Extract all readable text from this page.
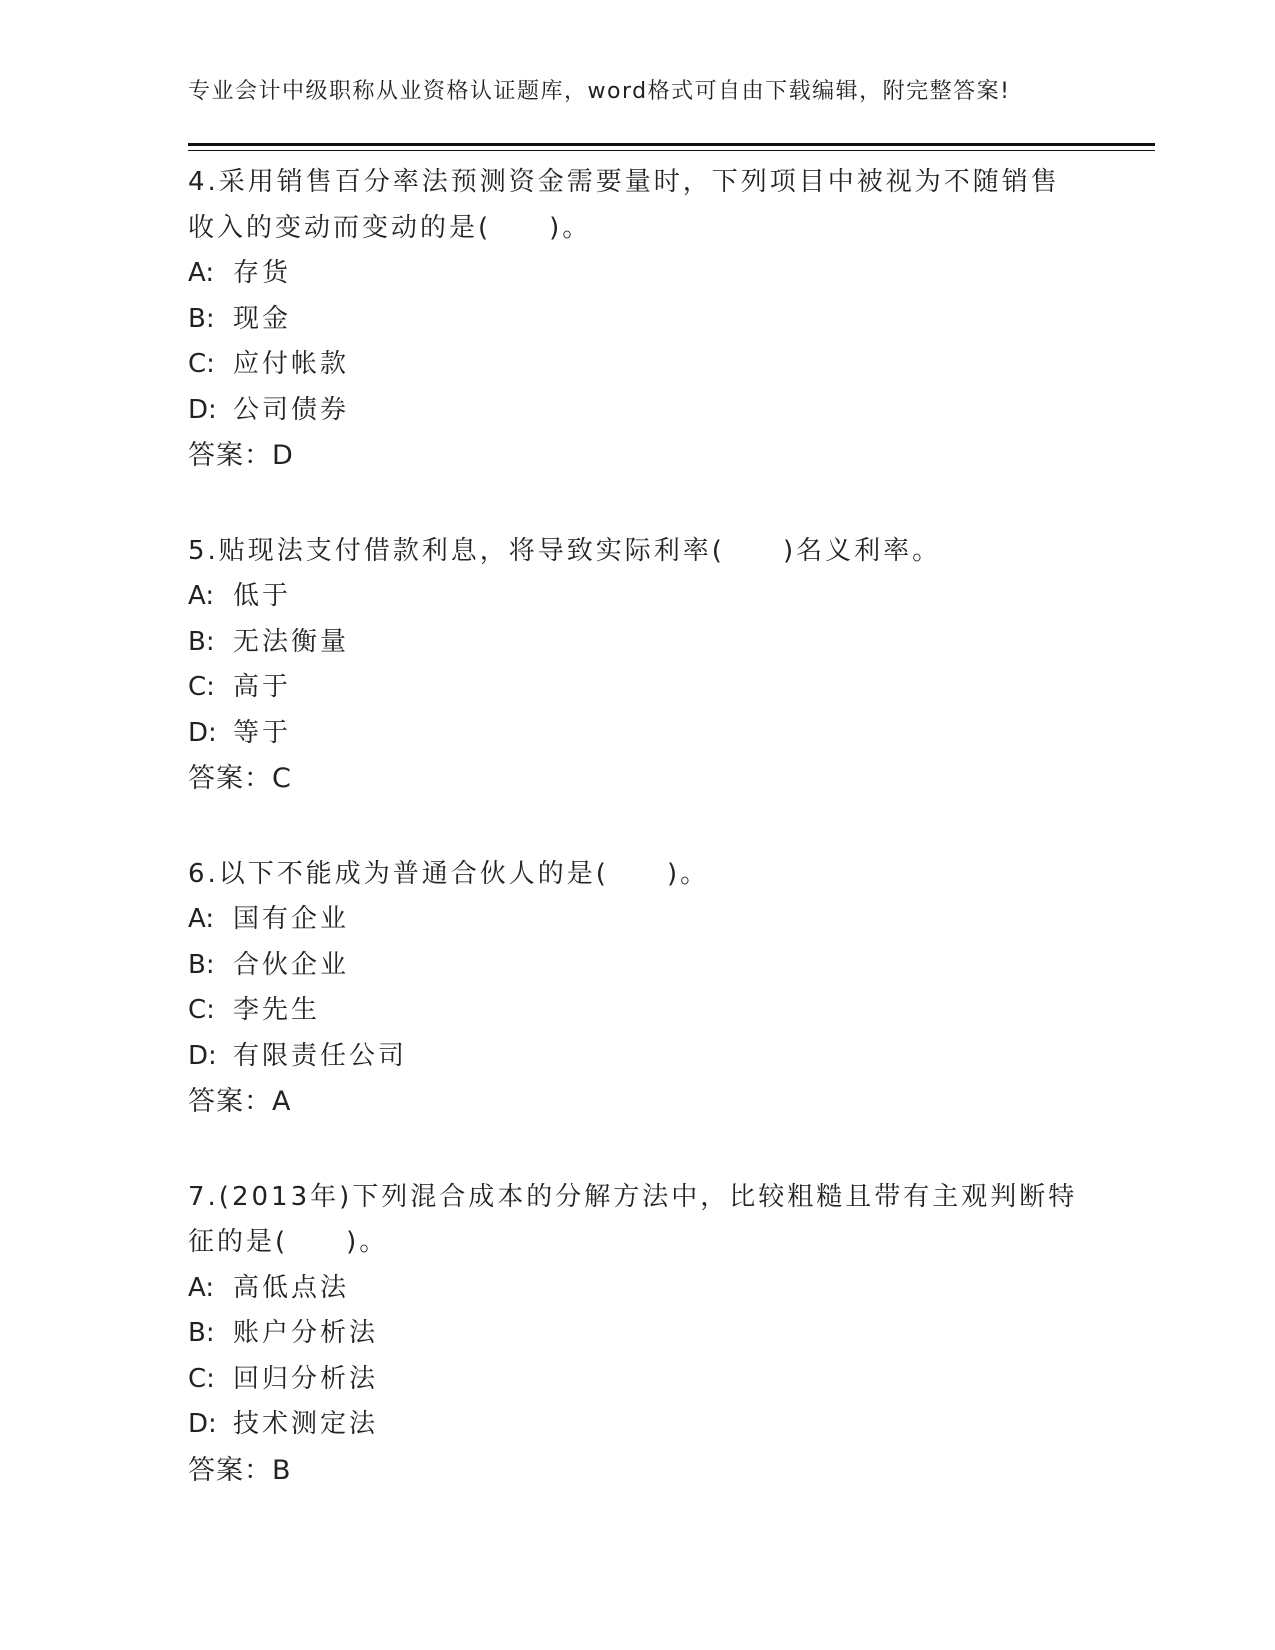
专业会计中级职称从业资格认证题库，word格式可自由下载编辑，附完整答案!
4.采用销售百分率法预测资金需要量时，下列项目中被视为不随销售
收入的变动而变动的是(　　)。
A: 存货
B: 现金
C: 应付帐款
D: 公司债券
答案：D
5.贴现法支付借款利息，将导致实际利率(　　)名义利率。
A: 低于
B: 无法衡量
C: 高于
D: 等于
答案：C
6.以下不能成为普通合伙人的是(　　)。
A: 国有企业
B: 合伙企业
C: 李先生
D: 有限责任公司
答案：A
7.(2013年)下列混合成本的分解方法中，比较粗糙且带有主观判断特
征的是(　　)。
A: 高低点法
B: 账户分析法
C: 回归分析法
D: 技术测定法
答案：B
